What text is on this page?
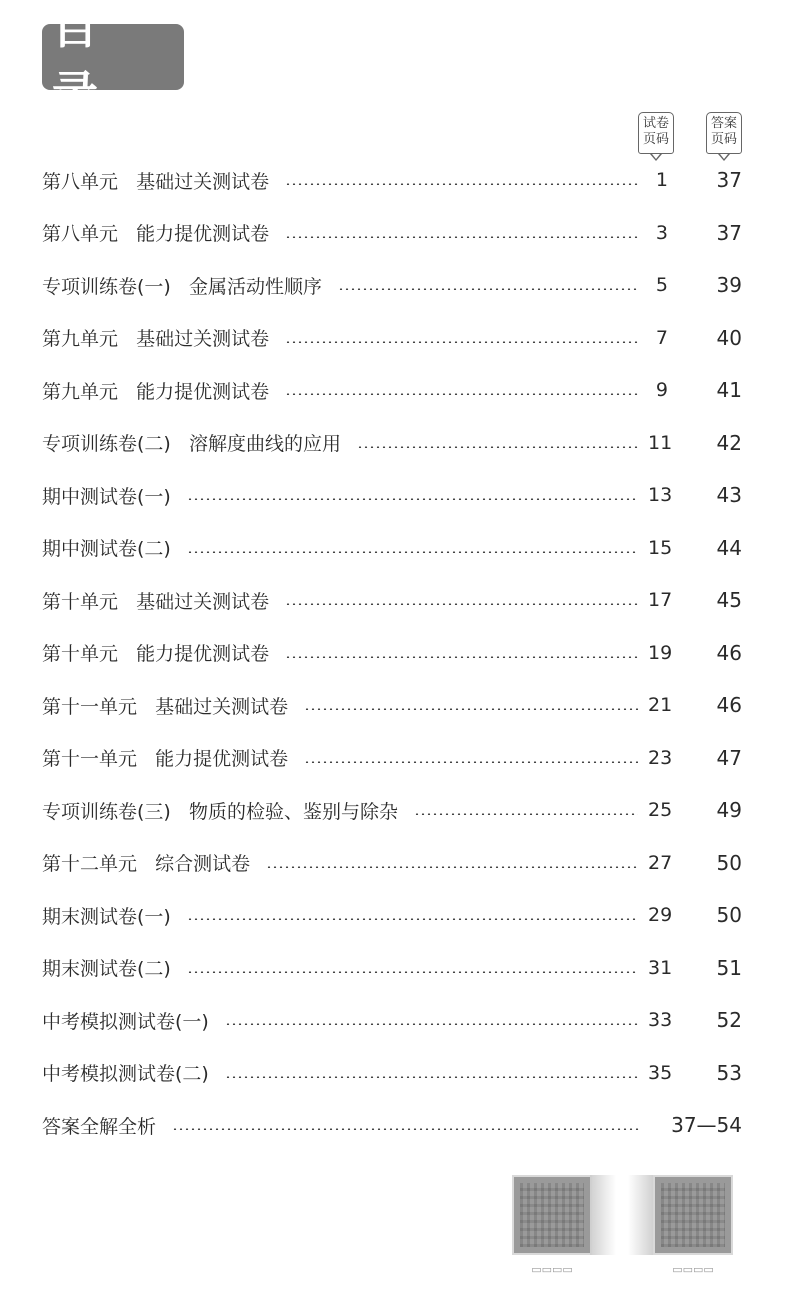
目 录
试卷
页码
答案
页码
第八单元   基础过关测试卷	1	37
第八单元   能力提优测试卷	3	37
专项训练卷(一)   金属活动性顺序	5	39
第九单元   基础过关测试卷	7	40
第九单元   能力提优测试卷	9	41
专项训练卷(二)   溶解度曲线的应用	11	42
期中测试卷(一)	13	43
期中测试卷(二)	15	44
第十单元   基础过关测试卷	17	45
第十单元   能力提优测试卷	19	46
第十一单元   基础过关测试卷	21	46
第十一单元   能力提优测试卷	23	47
专项训练卷(三)   物质的检验、鉴别与除杂	25	49
第十二单元   综合测试卷	27	50
期末测试卷(一)	29	50
期末测试卷(二)	31	51
中考模拟测试卷(一)	33	52
中考模拟测试卷(二)	35	53
答案全解全析	37—54
▭▭▭▭	▭▭▭▭
